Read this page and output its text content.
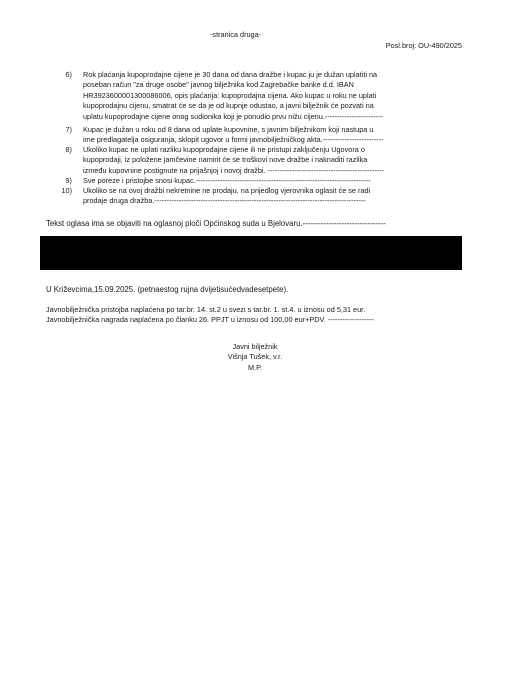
-stranica druga-
Posl.broj: OU-490/2025
6) Rok plaćanja kupoprodajne cijene je 30 dana od dana dražbe i kupac ju je dužan uplatiti na
poseban račun "za druge osobe" javnog bilježnika kod Zagrebačke banke d.d. IBAN
HR3923600001300086006, opis plaćanja: kupoprodajna cijena. Ako kupac u roku ne uplati
kupoprodajnu cijenu, smatrat će se da je od kupnje odustao, a javni bilježnik će pozvati na
uplatu kupoprodajne cijene onog sudionika koji je ponudio prvu nižu cijenu.------------------------
7) Kupac je dužan u roku od 8 dana od uplate kupovnine, s javnim bilježnikom koji nastupa u
ime predlagatelja osiguranja, sklopit ugovor u formi javnobilježničkog akta.-------------------------
8) Ukoliko kupac ne uplati razliku kupoprodajne cijene ili ne pristupi zaključenju Ugovora o
kupoprodaji, iz položene jamčevine namirit će se troškovi nove dražbe i naknaditi razlika
između kupovnine postignute na prijašnjoj i novoj dražbi. ------------------------------------------------
9) Sve poreze i pristojbe snosi kupac.------------------------------------------------------------------------
10) Ukoliko se na ovoj dražbi nekretnine ne prodaju, na prijedlog vjerovnika oglasit će se radi
prodaje druga dražba.---------------------------------------------------------------------------------------
Tekst oglasa ima se objaviti na oglasnoj ploči Općinskog suda u Bjelovaru.--------------------------------
U Križevcima,15.09.2025. (petnaestog rujna dvijetisućedvadesetpete).
Javnobilježnička pristojba naplaćena po tar.br. 14. st.2 u svezi s tar.br. 1. st.4. u iznosu od 5,31 eur.
Javnobilježnička nagrada naplaćena po članku 26. PPJT u iznosu od 100,00 eur+PDV. -------------------
Javni bilježnik
Višnja Tušek, v.r.
M.P.
